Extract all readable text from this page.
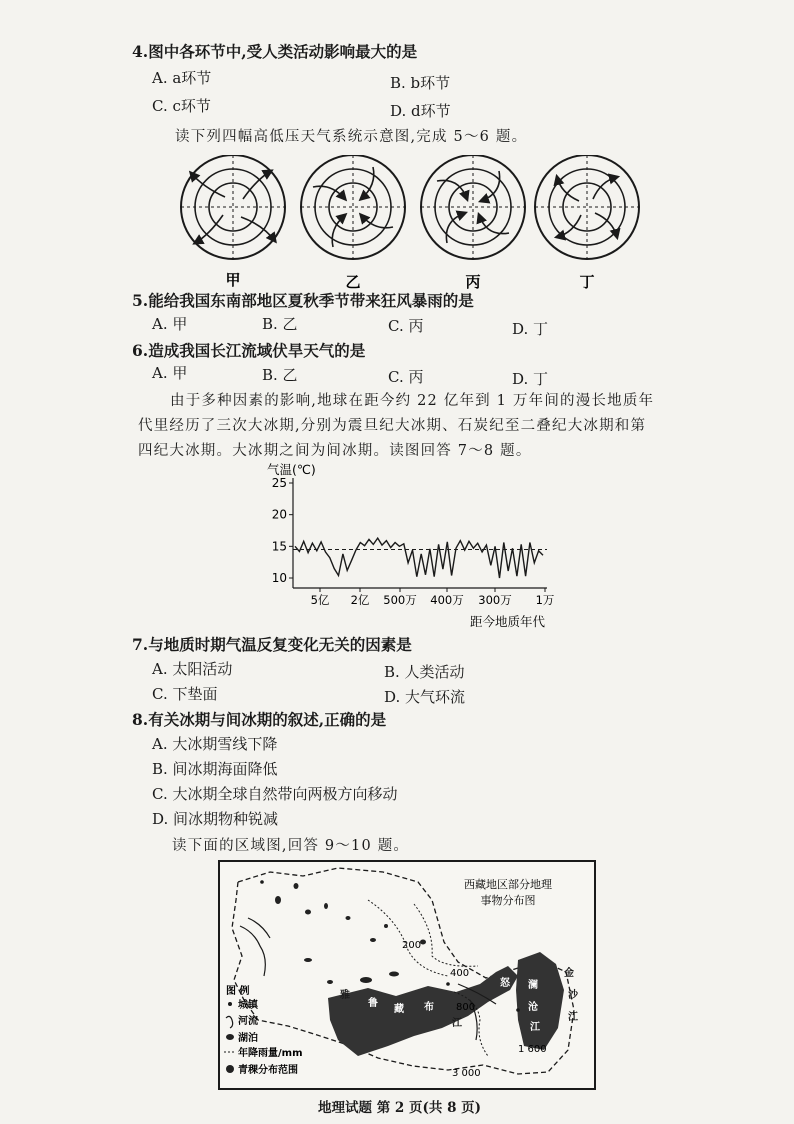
4.图中各环节中,受人类活动影响最大的是
A. a环节	B. b环节
C. c环节	D. d环节
读下列四幅高低压天气系统示意图,完成 5～6 题。
甲	乙	丙	丁
5.能给我国东南部地区夏秋季节带来狂风暴雨的是
A. 甲	B. 乙	C. 丙	D. 丁
6.造成我国长江流域伏旱天气的是
A. 甲	B. 乙	C. 丙	D. 丁
由于多种因素的影响,地球在距今约 22 亿年到 1 万年间的漫长地质年
代里经历了三次大冰期,分别为震旦纪大冰期、石炭纪至二叠纪大冰期和第
四纪大冰期。大冰期之间为间冰期。读图回答 7～8 题。
气温(℃)
距今地质年代
25
20
15
10
5亿 2亿 500万 400万 300万 1万
7.与地质时期气温反复变化无关的因素是
A. 太阳活动	B. 人类活动
C. 下垫面	D. 大气环流
8.有关冰期与间冰期的叙述,正确的是
A. 大冰期雪线下降
B. 间冰期海面降低
C. 大冰期全球自然带向两极方向移动
D. 间冰期物种锐减
读下面的区域图,回答 9～10 题。
西藏地区部分地理
事物分布图
200
400
800
1 600
3 000
雅
鲁
藏 布
江
澜
沧
江
金
沙
江
怒
图 例
城镇
河流
湖泊
年降雨量/mm
青稞分布范围
地理试题 第 2 页(共 8 页)
